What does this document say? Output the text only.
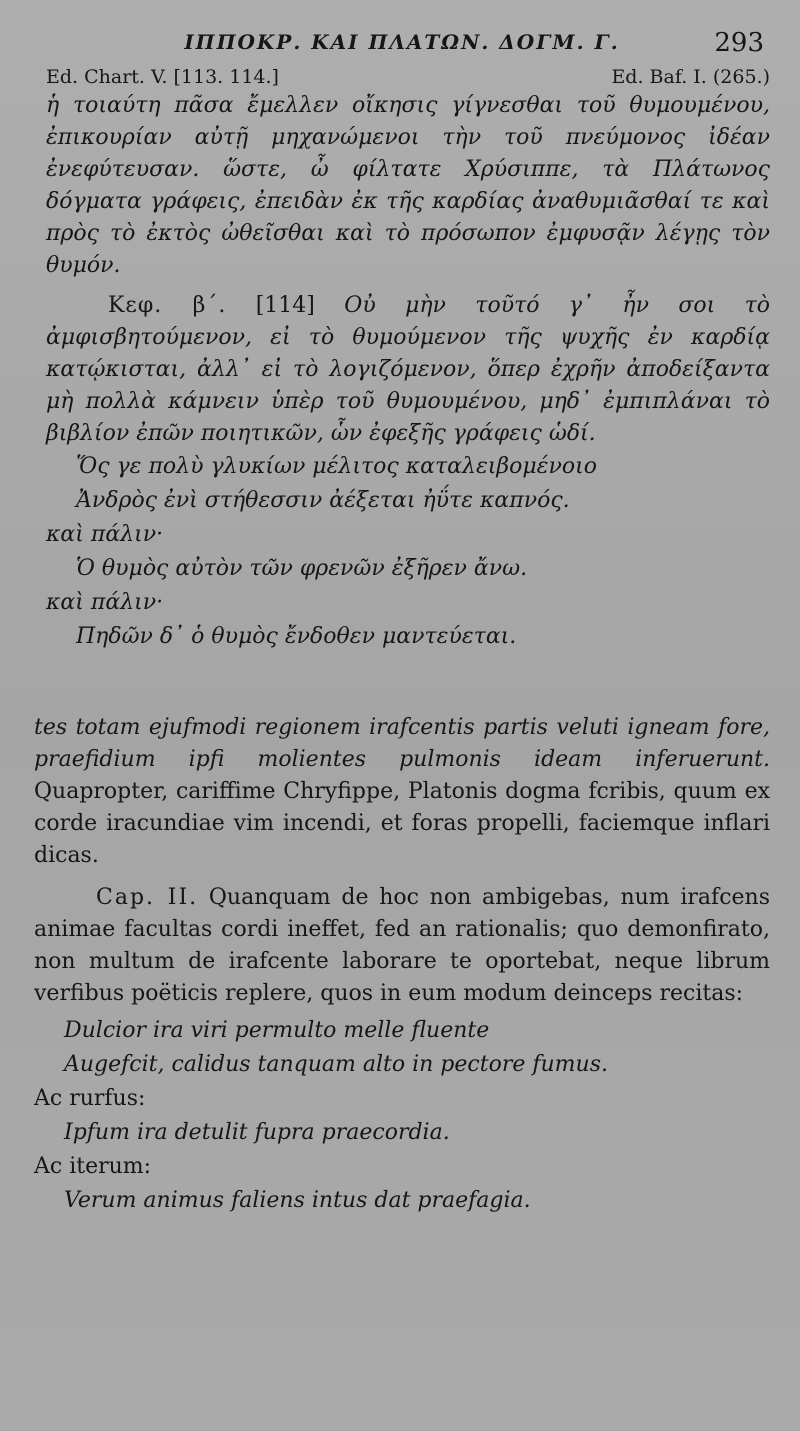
ΙΠΠΟΚΡ. ΚΑΙ ΠΛΑΤΩΝ. ΔΟΓΜ. Γ.	293
Ed. Chart. V. [113. 114.]	Ed. Baf. I. (265.)

ἡ τοιαύτη πᾶσα ἔμελλεν οἴκησις γίγνεσθαι τοῦ θυμουμένου, ἐπικουρίαν αὐτῇ μηχανώμενοι τὴν τοῦ πνεύμονος ἰδέαν ἐνεφύτευσαν. ὥστε, ὦ φίλτατε Χρύσιππε, τὰ Πλάτωνος δόγματα γράφεις, ἐπειδὰν ἐκ τῆς καρδίας ἀναθυμιᾶσθαί τε καὶ πρὸς τὸ ἐκτὸς ὠθεῖσθαι καὶ τὸ πρόσωπον ἐμφυσᾷν λέγῃς τὸν θυμόν.

Κεφ. β΄. [114] Οὐ μὴν τοῦτό γ᾽ ἦν σοι τὸ ἀμφισβητούμενον, εἰ τὸ θυμούμενον τῆς ψυχῆς ἐν καρδίᾳ κατῴκισται, ἀλλ᾽ εἰ τὸ λογιζόμενον, ὅπερ ἐχρῆν ἀποδείξαντα μὴ πολλὰ κάμνειν ὑπὲρ τοῦ θυμουμένου, μηδ᾽ ἐμπιπλάναι τὸ βιβλίον ἐπῶν ποιητικῶν, ὧν ἐφεξῆς γράφεις ὡδί.

Ὅς γε πολὺ γλυκίων μέλιτος καταλειβομένοιο
Ἀνδρὸς ἐνὶ στήθεσσιν ἀέξεται ἠΰτε καπνός.
καὶ πάλιν·
Ὁ θυμὸς αὐτὸν τῶν φρενῶν ἐξῆρεν ἄνω.
καὶ πάλιν·
Πηδῶν δ᾽ ὁ θυμὸς ἔνδοθεν μαντεύεται.

tes totam ejufmodi regionem irafcentis partis veluti igneam fore, praefidium ipfi molientes pulmonis ideam inferuerunt. Quapropter, cariffime Chryfippe, Platonis dogma fcribis, quum ex corde iracundiae vim incendi, et foras propelli, faciemque inflari dicas.

Cap. II. Quanquam de hoc non ambigebas, num irafcens animae facultas cordi ineffet, fed an rationalis; quo demonfirato, non multum de irafcente laborare te oportebat, neque librum verfibus poëticis replere, quos in eum modum deinceps recitas:

Dulcior ira viri permulto melle fluente
Augefcit, calidus tanquam alto in pectore fumus.
Ac rurfus:
Ipfum ira detulit fupra praecordia.
Ac iterum:
Verum animus faliens intus dat praefagia.
